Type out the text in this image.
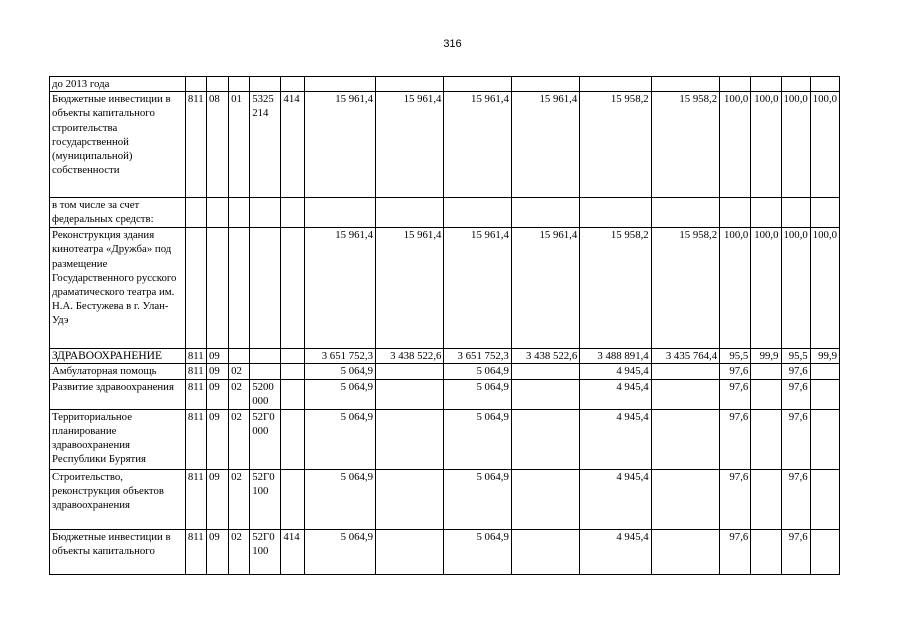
316
до 2013 года															
Бюджетные инвестиции в объекты капитального строительства государственной (муниципальной) собственности	811	08	01	5325 214	414	15 961,4	15 961,4	15 961,4	15 961,4	15 958,2	15 958,2	100,0	100,0	100,0	100,0
в том числе за счет федеральных средств:															
Реконструкция здания кинотеатра «Дружба» под размещение Государственного русского драматического театра им. Н.А. Бестужева в г. Улан-Удэ						15 961,4	15 961,4	15 961,4	15 961,4	15 958,2	15 958,2	100,0	100,0	100,0	100,0
ЗДРАВООХРАНЕНИЕ	811	09				3 651 752,3	3 438 522,6	3 651 752,3	3 438 522,6	3 488 891,4	3 435 764,4	95,5	99,9	95,5	99,9
Амбулаторная помощь	811	09	02			5 064,9		5 064,9		4 945,4		97,6		97,6	
Развитие здравоохранения	811	09	02	5200 000		5 064,9		5 064,9		4 945,4		97,6		97,6	
Территориальное планирование здравоохранения Республики Бурятия	811	09	02	52Г0 000		5 064,9		5 064,9		4 945,4		97,6		97,6	
Строительство, реконструкция объектов здравоохранения	811	09	02	52Г0 100		5 064,9		5 064,9		4 945,4		97,6		97,6	
Бюджетные инвестиции в объекты капитального	811	09	02	52Г0 100	414	5 064,9		5 064,9		4 945,4		97,6		97,6	
